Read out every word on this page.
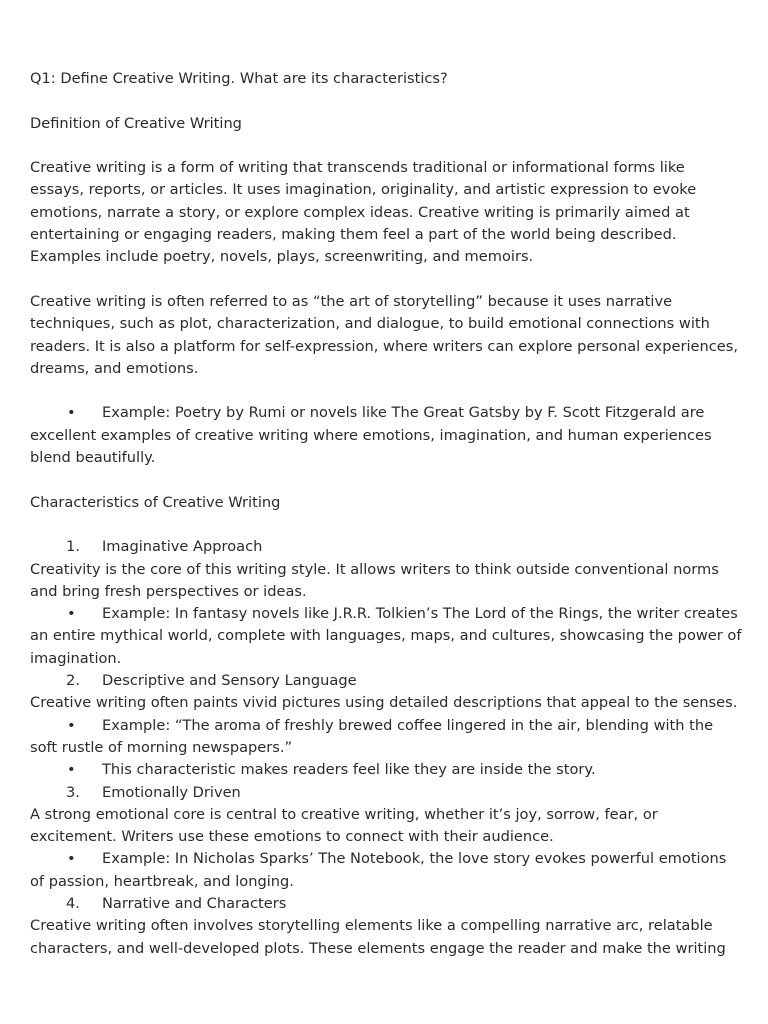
Q1: Define Creative Writing. What are its characteristics?

Definition of Creative Writing

Creative writing is a form of writing that transcends traditional or informational forms like essays, reports, or articles. It uses imagination, originality, and artistic expression to evoke emotions, narrate a story, or explore complex ideas. Creative writing is primarily aimed at entertaining or engaging readers, making them feel a part of the world being described. Examples include poetry, novels, plays, screenwriting, and memoirs.

Creative writing is often referred to as “the art of storytelling” because it uses narrative techniques, such as plot, characterization, and dialogue, to build emotional connections with readers. It is also a platform for self-expression, where writers can explore personal experiences, dreams, and emotions.

• Example: Poetry by Rumi or novels like The Great Gatsby by F. Scott Fitzgerald are excellent examples of creative writing where emotions, imagination, and human experiences blend beautifully.

Characteristics of Creative Writing

1. Imaginative Approach

Creativity is the core of this writing style. It allows writers to think outside conventional norms and bring fresh perspectives or ideas.

• Example: In fantasy novels like J.R.R. Tolkien’s The Lord of the Rings, the writer creates an entire mythical world, complete with languages, maps, and cultures, showcasing the power of imagination.

2. Descriptive and Sensory Language

Creative writing often paints vivid pictures using detailed descriptions that appeal to the senses.

• Example: “The aroma of freshly brewed coffee lingered in the air, blending with the soft rustle of morning newspapers.”

• This characteristic makes readers feel like they are inside the story.

3. Emotionally Driven

A strong emotional core is central to creative writing, whether it’s joy, sorrow, fear, or excitement. Writers use these emotions to connect with their audience.

• Example: In Nicholas Sparks’ The Notebook, the love story evokes powerful emotions of passion, heartbreak, and longing.

4. Narrative and Characters

Creative writing often involves storytelling elements like a compelling narrative arc, relatable characters, and well-developed plots. These elements engage the reader and make the writing
